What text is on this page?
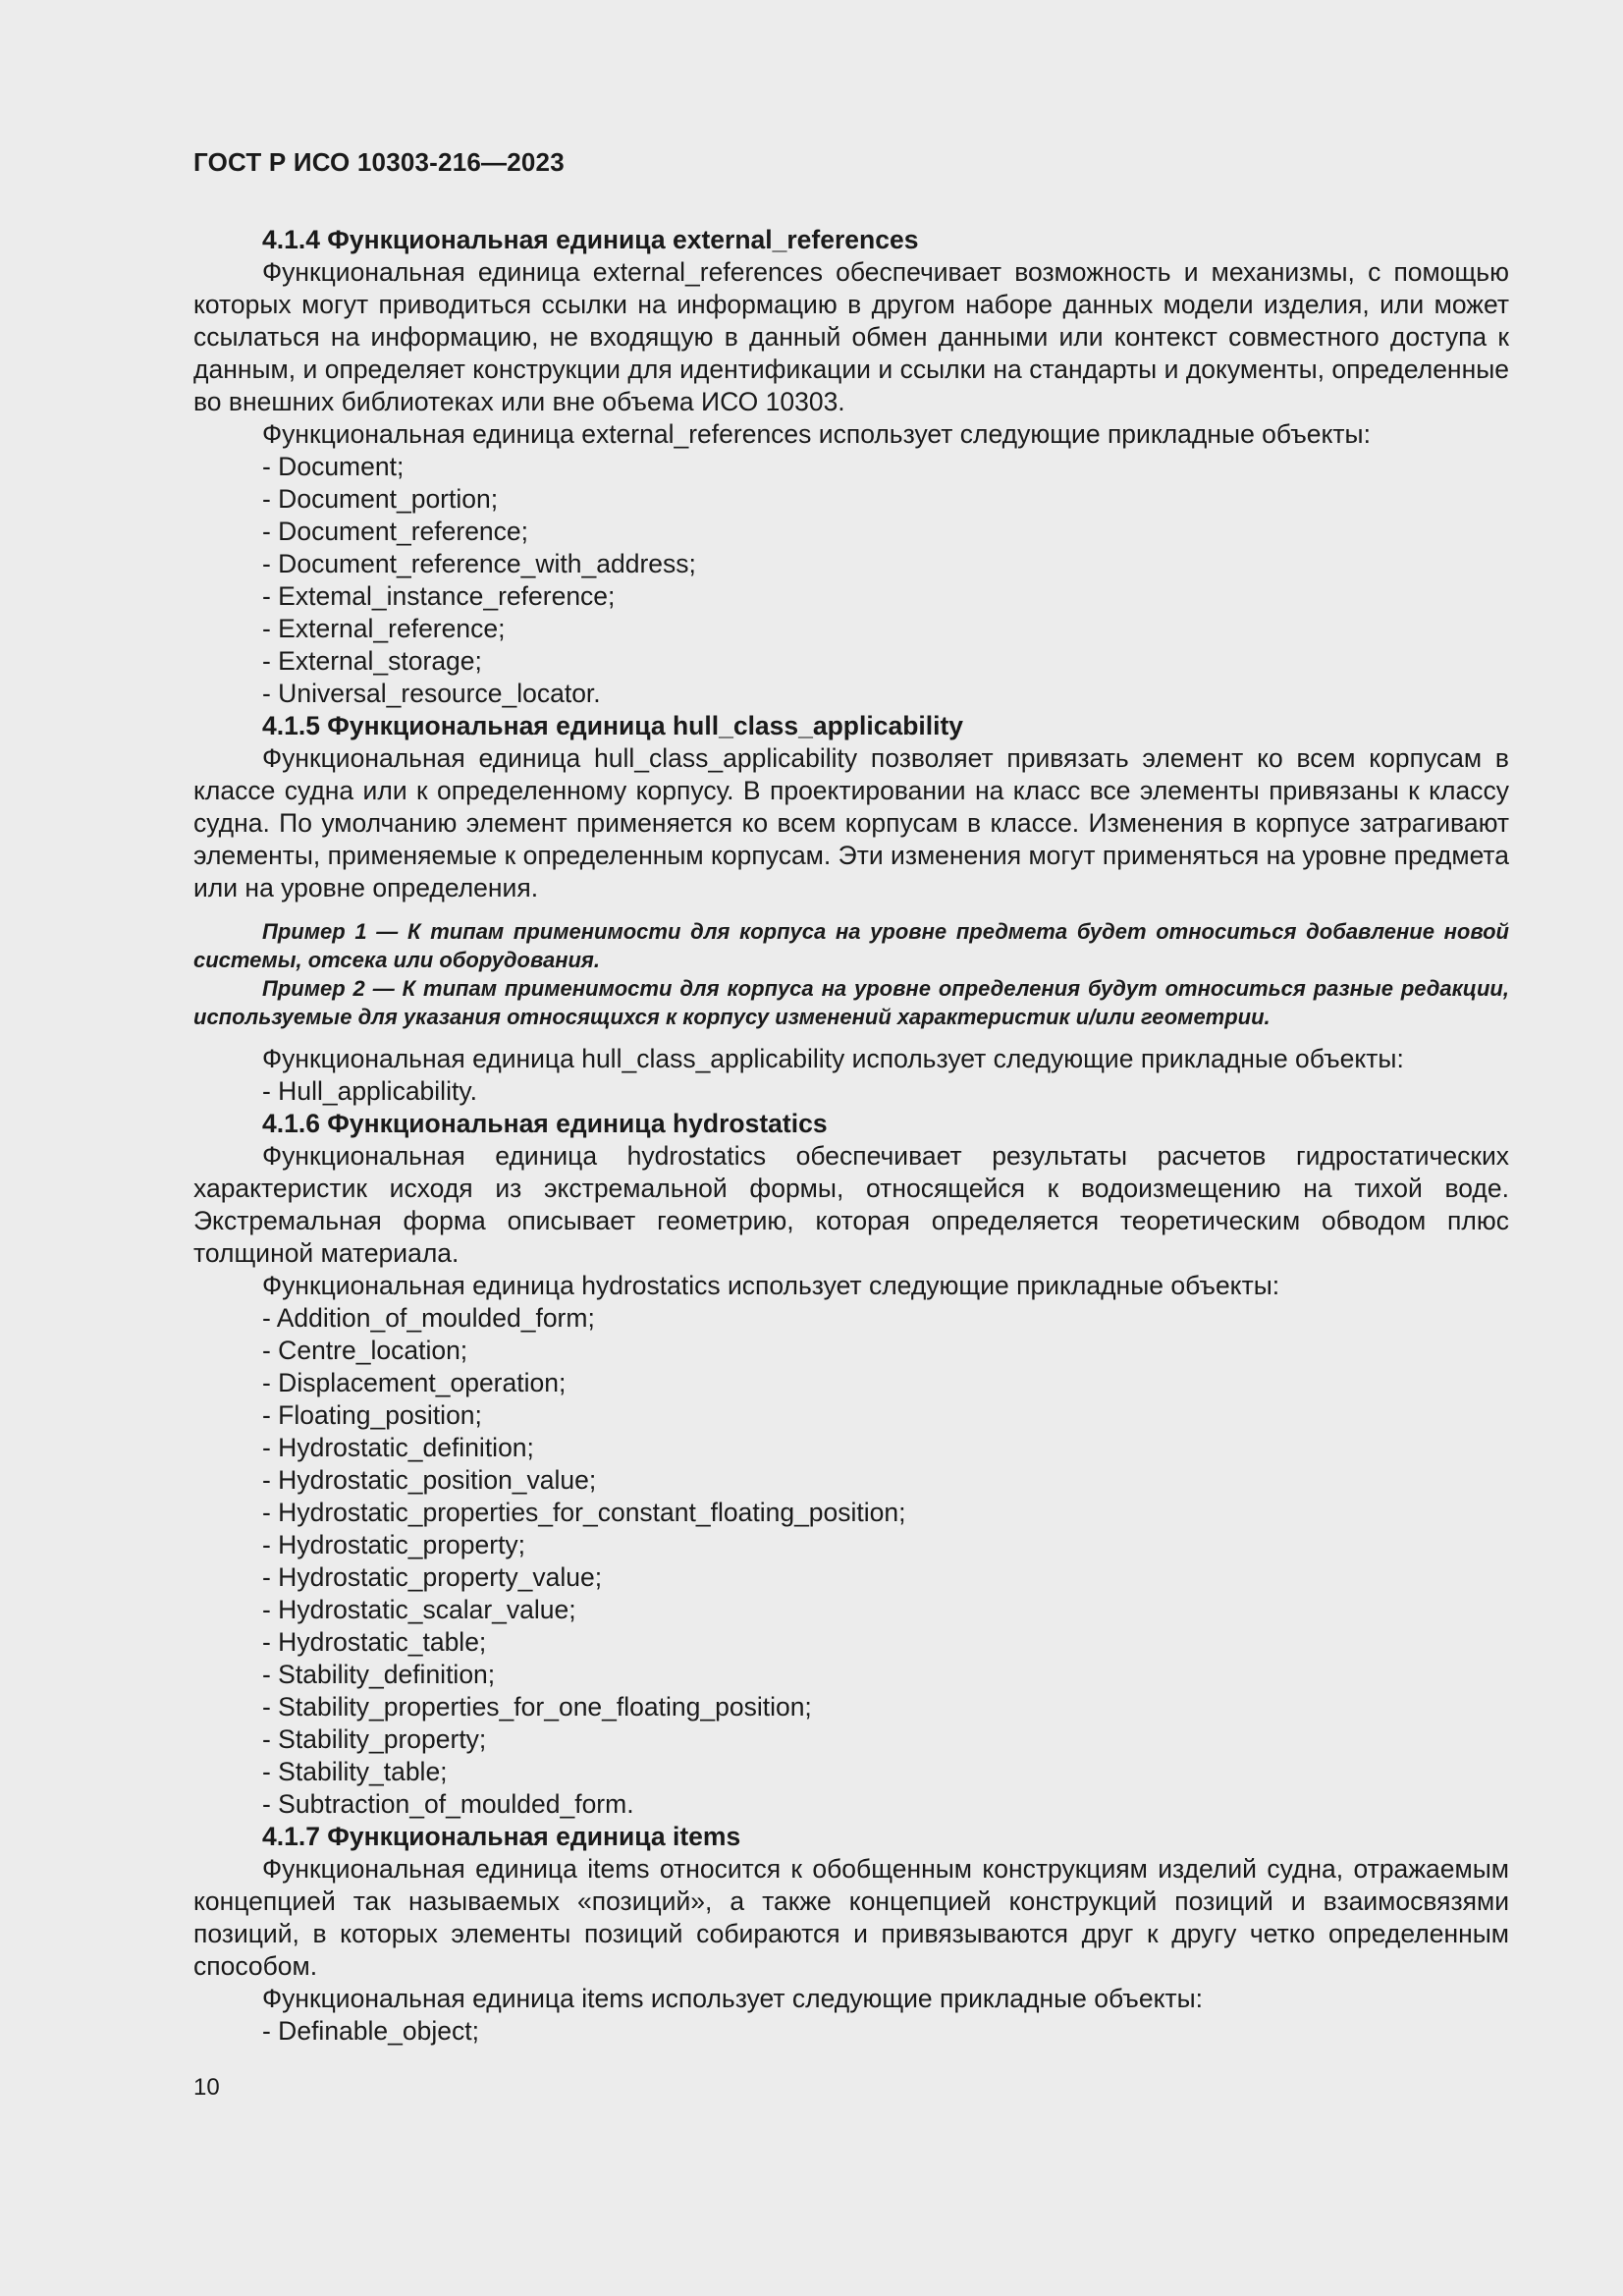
ГОСТ Р ИСО 10303-216—2023

4.1.4 Функциональная единица external_references

Функциональная единица external_references обеспечивает возможность и механизмы, с помощью которых могут приводиться ссылки на информацию в другом наборе данных модели изделия, или может ссылаться на информацию, не входящую в данный обмен данными или контекст совместного доступа к данным, и определяет конструкции для идентификации и ссылки на стандарты и документы, определенные во внешних библиотеках или вне объема ИСО 10303.

Функциональная единица external_references использует следующие прикладные объекты:

- Document;

- Document_portion;

- Document_reference;

- Document_reference_with_address;

- Extemal_instance_reference;

- External_reference;

- External_storage;

- Universal_resource_locator.

4.1.5 Функциональная единица hull_class_applicability

Функциональная единица hull_class_applicability позволяет привязать элемент ко всем корпусам в классе судна или к определенному корпусу. В проектировании на класс все элементы привязаны к классу судна. По умолчанию элемент применяется ко всем корпусам в классе. Изменения в корпусе затрагивают элементы, применяемые к определенным корпусам. Эти изменения могут применяться на уровне предмета или на уровне определения.

Пример 1 — К типам применимости для корпуса на уровне предмета будет относиться добавление новой системы, отсека или оборудования.

Пример 2 — К типам применимости для корпуса на уровне определения будут относиться разные редакции, используемые для указания относящихся к корпусу изменений характеристик и/или геометрии.

Функциональная единица hull_class_applicability использует следующие прикладные объекты:

- Hull_applicability.

4.1.6 Функциональная единица hydrostatics

Функциональная единица hydrostatics обеспечивает результаты расчетов гидростатических характеристик исходя из экстремальной формы, относящейся к водоизмещению на тихой воде. Экстремальная форма описывает геометрию, которая определяется теоретическим обводом плюс толщиной материала.

Функциональная единица hydrostatics использует следующие прикладные объекты:

- Addition_of_moulded_form;

- Centre_location;

- Displacement_operation;

- Floating_position;

- Hydrostatic_definition;

- Hydrostatic_position_value;

- Hydrostatic_properties_for_constant_floating_position;

- Hydrostatic_property;

- Hydrostatic_property_value;

- Hydrostatic_scalar_value;

- Hydrostatic_table;

- Stability_definition;

- Stability_properties_for_one_floating_position;

- Stability_property;

- Stability_table;

- Subtraction_of_moulded_form.

4.1.7 Функциональная единица items

Функциональная единица items относится к обобщенным конструкциям изделий судна, отражаемым концепцией так называемых «позиций», а также концепцией конструкций позиций и взаимосвязями позиций, в которых элементы позиций собираются и привязываются друг к другу четко определенным способом.

Функциональная единица items использует следующие прикладные объекты:

- Definable_object;

10
